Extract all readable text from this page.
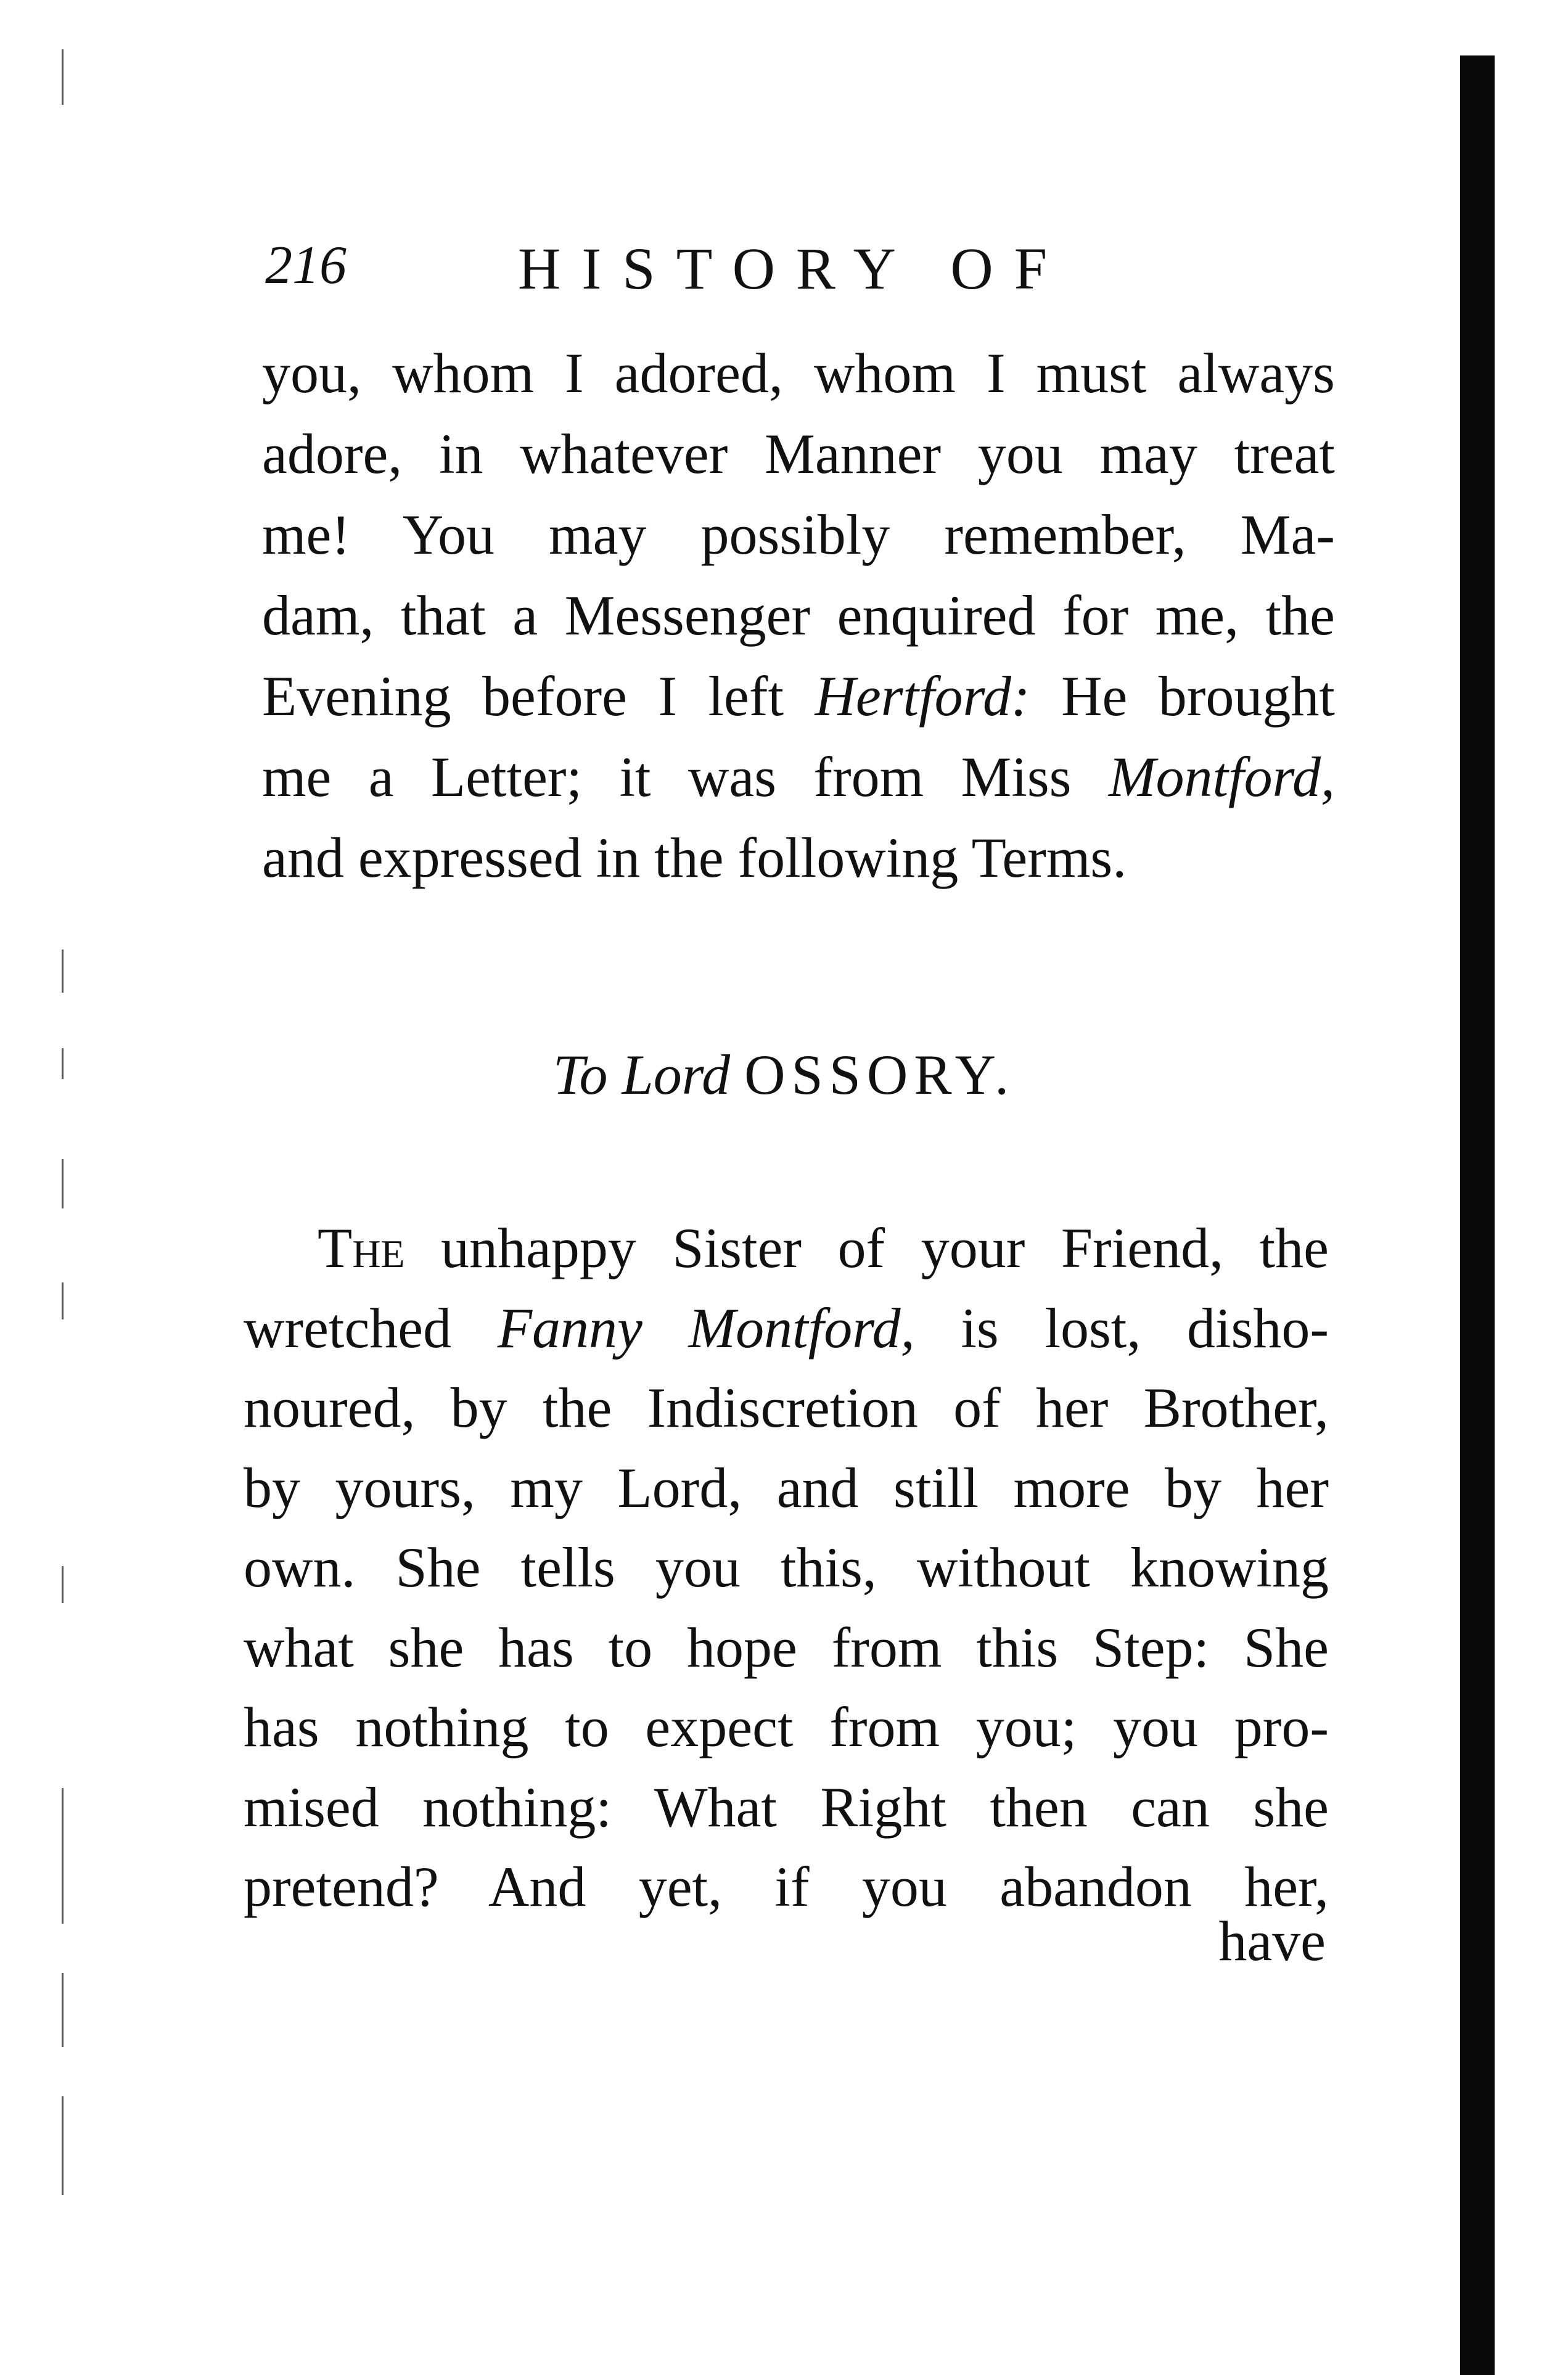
216	HISTORY OF
you, whom I adored, whom I must always
adore, in whatever Manner you may treat
me! You may possibly remember, Ma-
dam, that a Messenger enquired for me, the
Evening before I left Hertford: He brought
me a Letter; it was from Miss Montford,
and expressed in the following Terms.
To Lord OSSORY.
The unhappy Sister of your Friend, the
wretched Fanny Montford, is lost, disho-
noured, by the Indiscretion of her Brother,
by yours, my Lord, and still more by her
own. She tells you this, without knowing
what she has to hope from this Step: She
has nothing to expect from you; you pro-
mised nothing: What Right then can she
pretend? And yet, if you abandon her,
have
